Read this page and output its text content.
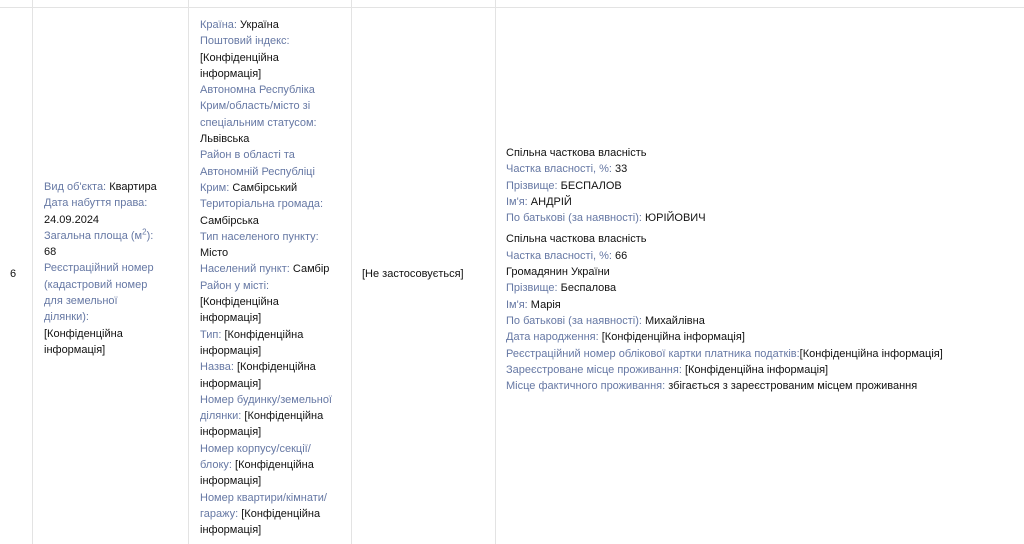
6
Вид об'єкта: Квартира
Дата набуття права:
24.09.2024
Загальна площа $(м^2)$:
68
Реєстраційний номер (кадастровий номер для земельної ділянки):
[Конфіденційна інформація]
Країна: Україна
Поштовий індекс:
[Конфіденційна інформація]
Автономна Республіка Крим/область/місто зі спеціальним статусом:
Львівська
Район в області та Автономній Республіці Крим: Самбірський
Територіальна громада:
Самбірська
Тип населеного пункту:
Місто
Населений пункт: Самбір
Район у місті:
[Конфіденційна інформація]
Тип: [Конфіденційна інформація]
Назва: [Конфіденційна інформація]
Номер будинку/земельної ділянки: [Конфіденційна інформація]
Номер корпусу/секції/блоку: [Конфіденційна інформація]
Номер квартири/кімнати/гаражу: [Конфіденційна інформація]
[Не застосовується]
Спільна часткова власність
Частка власності, %: 33
Прізвище: БЕСПАЛОВ
Ім'я: АНДРІЙ
По батькові (за наявності): ЮРІЙОВИЧ
Спільна часткова власність
Частка власності, %: 66
Громадянин України
Прізвище: Беспалова
Ім'я: Марія
По батькові (за наявності): Михайлівна
Дата народження: [Конфіденційна інформація]
Реєстраційний номер облікової картки платника податків:[Конфіденційна інформація]
Зареєстроване місце проживання: [Конфіденційна інформація]
Місце фактичного проживання: збігається з зареєстрованим місцем проживання
